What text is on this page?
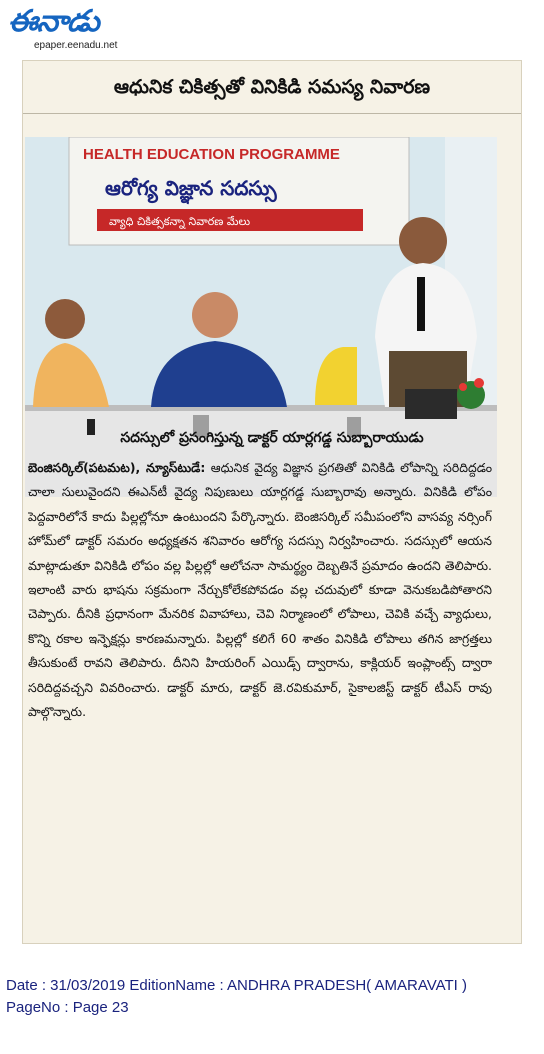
ఈనాడు
epaper.eenadu.net
ఆధునిక చికిత్సతో వినికిడి సమస్య నివారణ
HEALTH EDUCATION PROGRAMME
ఆరోగ్య విజ్ఞాన సదస్సు
వ్యాధి చికిత్సకన్నా నివారణ మేలు
సదస్సులో ప్రసంగిస్తున్న డాక్టర్ యార్లగడ్డ సుబ్బారాయుడు
బెంజిసర్కిల్(పటమట), న్యూస్‌టుడే: ఆధునిక వైద్య విజ్ఞాన ప్రగతితో వినికిడి లోపాన్ని సరిదిద్దడం చాలా సులువైందని ఈఎన్‌టీ వైద్య నిపుణులు యార్లగడ్డ సుబ్బారావు అన్నారు. వినికిడి లోపం పెద్దవారిలోనే కాదు పిల్లల్లోనూ ఉంటుందని పేర్కొన్నారు. బెంజిసర్కిల్ సమీపంలోని వాసవ్య నర్సింగ్ హోమ్‌లో డాక్టర్ సమరం అధ్యక్షతన శనివారం ఆరోగ్య సదస్సు నిర్వహించారు. సదస్సులో ఆయన మాట్లాడుతూ వినికిడి లోపం వల్ల పిల్లల్లో ఆలోచనా సామర్థ్యం దెబ్బతినే ప్రమాదం ఉందని తెలిపారు. ఇలాంటి వారు భాషను సక్రమంగా నేర్చుకోలేకపోవడం వల్ల చదువులో కూడా వెనుకబడిపోతారని చెప్పారు. దీనికి ప్రధానంగా మేనరిక వివాహాలు, చెవి నిర్మాణంలో లోపాలు, చెవికి వచ్చే వ్యాధులు, కొన్ని రకాల ఇన్ఫెక్షన్లు కారణమన్నారు. పిల్లల్లో కలిగే 60 శాతం వినికిడి లోపాలు తగిన జాగ్రత్తలు తీసుకుంటే రావని తెలిపారు. దీనిని హియరింగ్ ఎయిడ్స్ ద్వారాను, కాక్లియర్ ఇంప్లాంట్స్ ద్వారా సరిదిద్దవచ్చని వివరించారు. డాక్టర్ మారు, డాక్టర్ జె.రవికుమార్, సైకాలజిస్ట్ డాక్టర్ టీఎస్ రావు పాల్గొన్నారు.
Date : 31/03/2019 EditionName : ANDHRA PRADESH( AMARAVATI )
PageNo : Page 23
